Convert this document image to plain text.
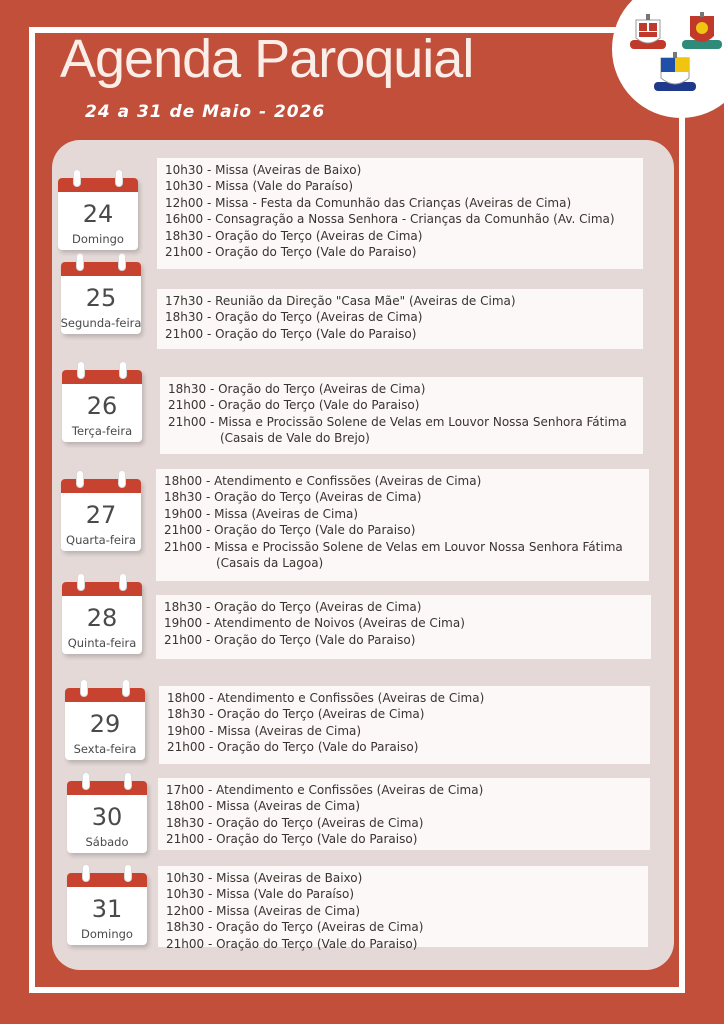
Agenda Paroquial
24 a 31 de Maio - 2026
24
Domingo
10h30 - Missa (Aveiras de Baixo)
10h30 - Missa (Vale do Paraíso)
12h00 - Missa - Festa da Comunhão das Crianças (Aveiras de Cima)
16h00 - Consagração a Nossa Senhora - Crianças da Comunhão (Av. Cima)
18h30 - Oração do Terço (Aveiras de Cima)
21h00 - Oração do Terço (Vale do Paraiso)
25
Segunda-feira
17h30 - Reunião da Direção "Casa Mãe" (Aveiras de Cima)
18h30 - Oração do Terço (Aveiras de Cima)
21h00 - Oração do Terço (Vale do Paraiso)
26
Terça-feira
18h30 - Oração do Terço (Aveiras de Cima)
21h00 - Oração do Terço (Vale do Paraiso)
21h00 - Missa e Procissão Solene de Velas em Louvor Nossa Senhora Fátima
(Casais de Vale do Brejo)
27
Quarta-feira
18h00 - Atendimento e Confissões (Aveiras de Cima)
18h30 - Oração do Terço (Aveiras de Cima)
19h00 - Missa (Aveiras de Cima)
21h00 - Oração do Terço (Vale do Paraiso)
21h00 - Missa e Procissão Solene de Velas em Louvor Nossa Senhora Fátima
(Casais da Lagoa)
28
Quinta-feira
18h30 - Oração do Terço (Aveiras de Cima)
19h00 - Atendimento de Noivos (Aveiras de Cima)
21h00 - Oração do Terço (Vale do Paraiso)
29
Sexta-feira
18h00 - Atendimento e Confissões (Aveiras de Cima)
18h30 - Oração do Terço (Aveiras de Cima)
19h00 - Missa (Aveiras de Cima)
21h00 - Oração do Terço (Vale do Paraiso)
30
Sábado
17h00 - Atendimento e Confissões (Aveiras de Cima)
18h00 - Missa (Aveiras de Cima)
18h30 - Oração do Terço (Aveiras de Cima)
21h00 - Oração do Terço (Vale do Paraiso)
31
Domingo
10h30 - Missa (Aveiras de Baixo)
10h30 - Missa (Vale do Paraíso)
12h00 - Missa (Aveiras de Cima)
18h30 - Oração do Terço (Aveiras de Cima)
21h00 - Oração do Terço (Vale do Paraiso)
